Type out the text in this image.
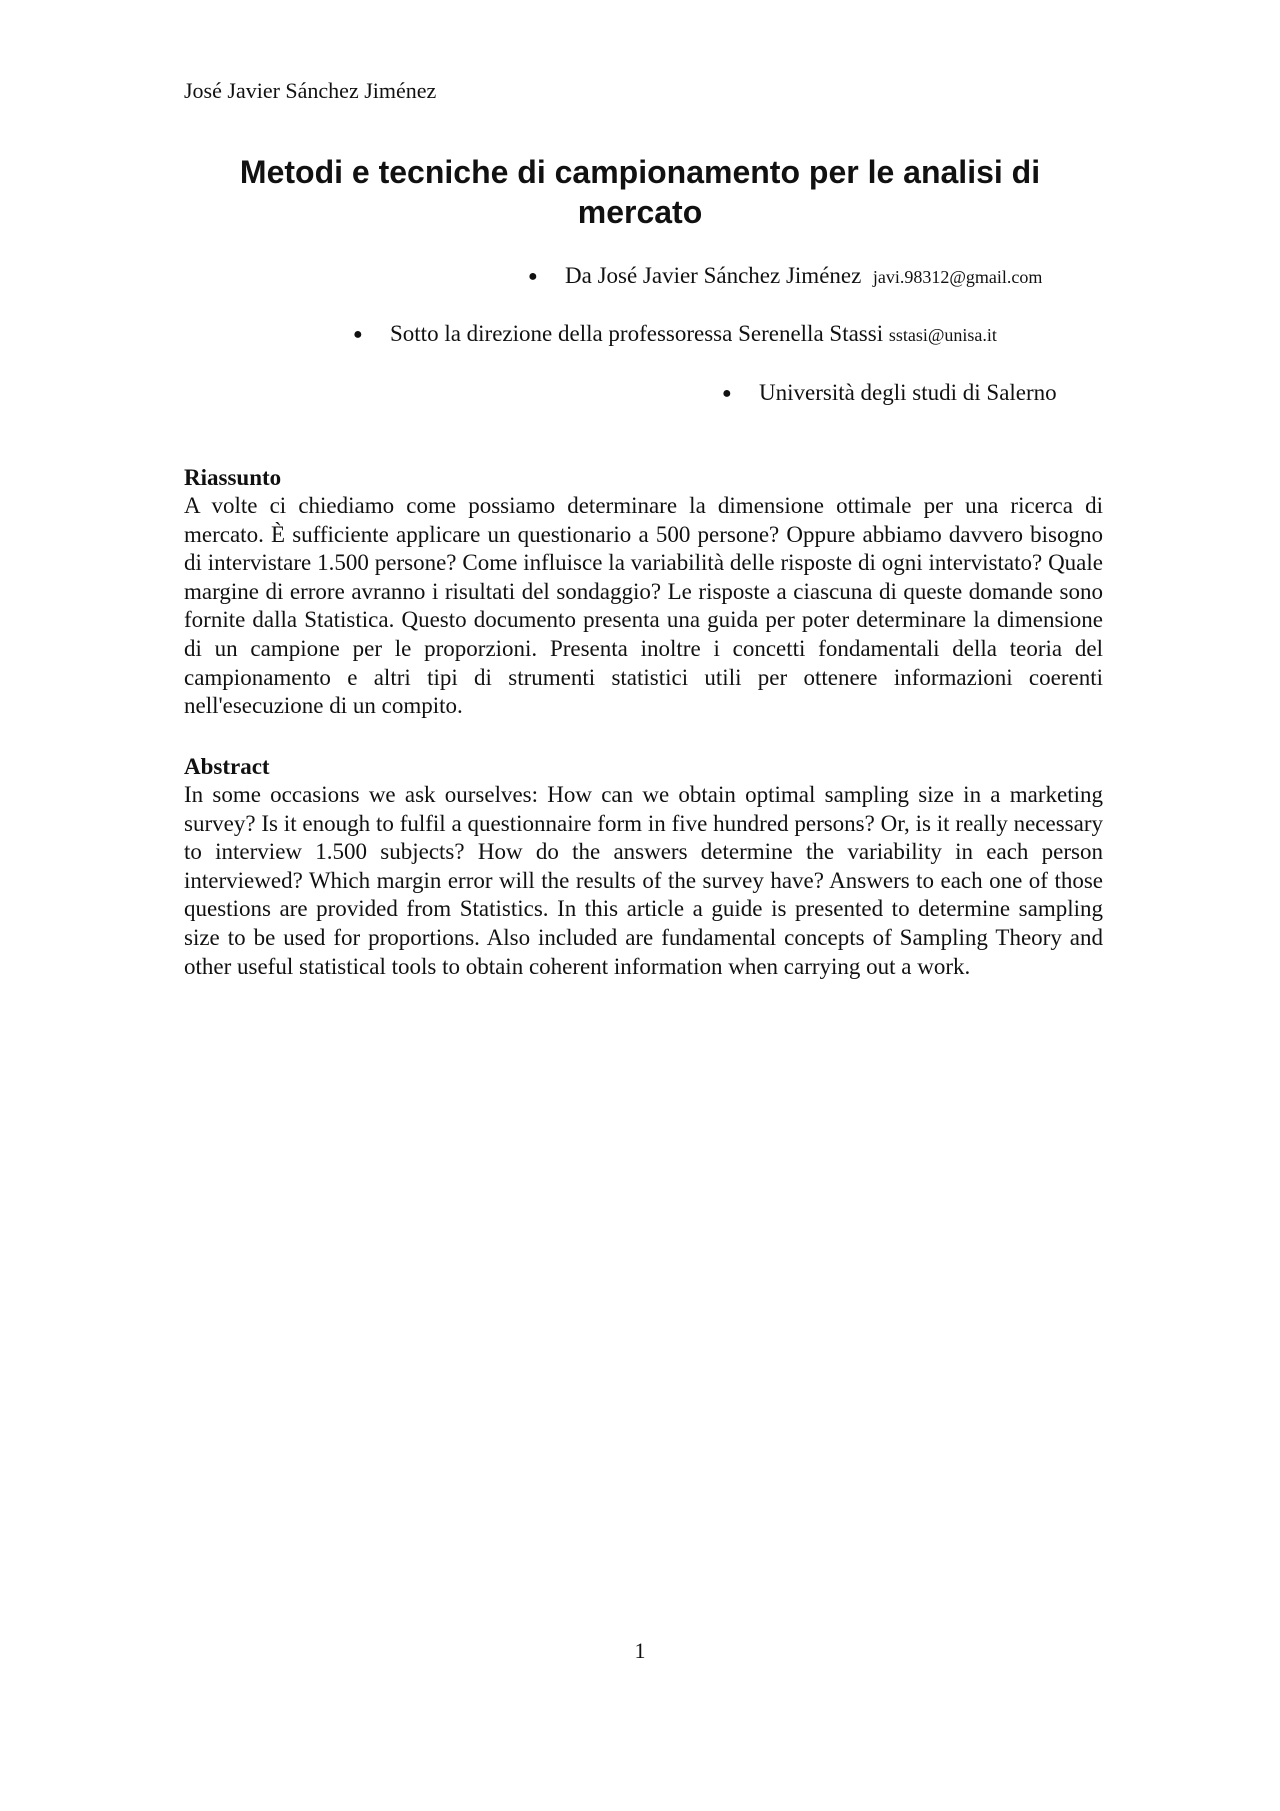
José Javier Sánchez Jiménez
Metodi e tecniche di campionamento per le analisi di mercato
● Da José Javier Sánchez Jiménez javi.98312@gmail.com
● Sotto la direzione della professoressa Serenella Stassi sstasi@unisa.it
● Università degli studi di Salerno
Riassunto

A volte ci chiediamo come possiamo determinare la dimensione ottimale per una ricerca di mercato. È sufficiente applicare un questionario a 500 persone? Oppure abbiamo davvero bisogno di intervistare 1.500 persone? Come influisce la variabilità delle risposte di ogni intervistato? Quale margine di errore avranno i risultati del sondaggio? Le risposte a ciascuna di queste domande sono fornite dalla Statistica. Questo documento presenta una guida per poter determinare la dimensione di un campione per le proporzioni. Presenta inoltre i concetti fondamentali della teoria del campionamento e altri tipi di strumenti statistici utili per ottenere informazioni coerenti nell'esecuzione di un compito.

Abstract

In some occasions we ask ourselves: How can we obtain optimal sampling size in a marketing survey? Is it enough to fulfil a questionnaire form in five hundred persons? Or, is it really necessary to interview 1.500 subjects? How do the answers determine the variability in each person interviewed? Which margin error will the results of the survey have? Answers to each one of those questions are provided from Statistics. In this article a guide is presented to determine sampling size to be used for proportions. Also included are fundamental concepts of Sampling Theory and other useful statistical tools to obtain coherent information when carrying out a work.

1
